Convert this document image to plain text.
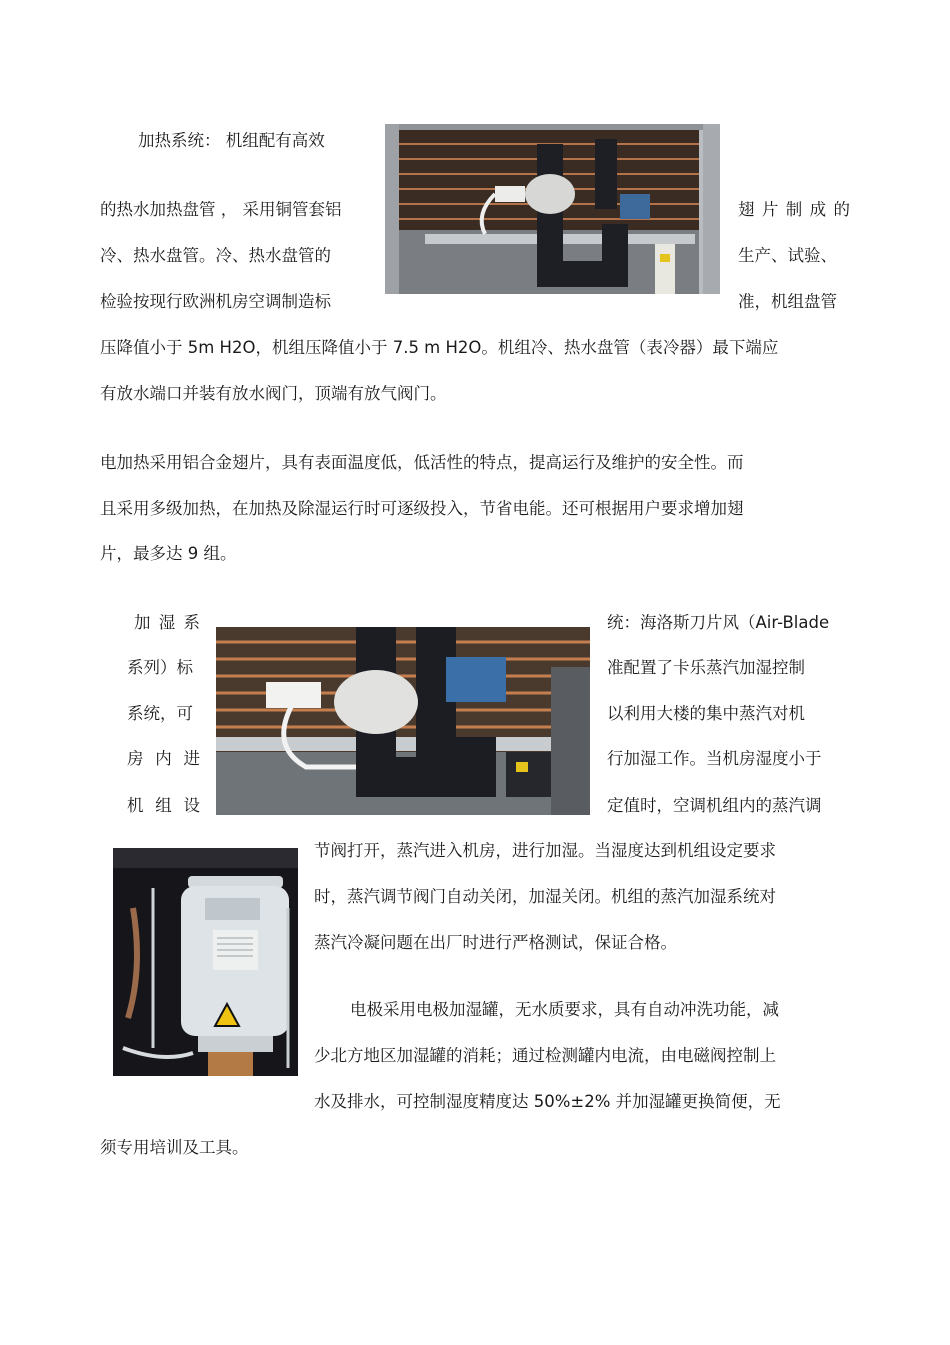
加热系统： 机组配有高效
的热水加热盘管 ， 采用铜管套铝	翅 片 制 成 的
冷、热水盘管。冷、热水盘管的	生产、试验、
检验按现行欧洲机房空调制造标	准，机组盘管
压降值小于 5m H2O，机组压降值小于 7.5 m H2O。机组冷、热水盘管（表冷器）最下端应
有放水端口并装有放水阀门，顶端有放气阀门。
电加热采用铝合金翅片，具有表面温度低，低活性的特点，提高运行及维护的安全性。而
且采用多级加热，在加热及除湿运行时可逐级投入，节省电能。还可根据用户要求增加翅
片，最多达 9 组。
加 湿 系
系列）标
系统，可
房 内 进
机 组 设
统：海洛斯刀片风（Air-Blade
准配置了卡乐蒸汽加湿控制
以利用大楼的集中蒸汽对机
行加湿工作。当机房湿度小于
定值时，空调机组内的蒸汽调
节阀打开，蒸汽进入机房，进行加湿。当湿度达到机组设定要求
时，蒸汽调节阀门自动关闭，加湿关闭。机组的蒸汽加湿系统对
蒸汽冷凝问题在出厂时进行严格测试，保证合格。
电极采用电极加湿罐，无水质要求，具有自动冲洗功能，减
少北方地区加湿罐的消耗；通过检测罐内电流，由电磁阀控制上
水及排水，可控制湿度精度达 50%±2% 并加湿罐更换简便，无
须专用培训及工具。
